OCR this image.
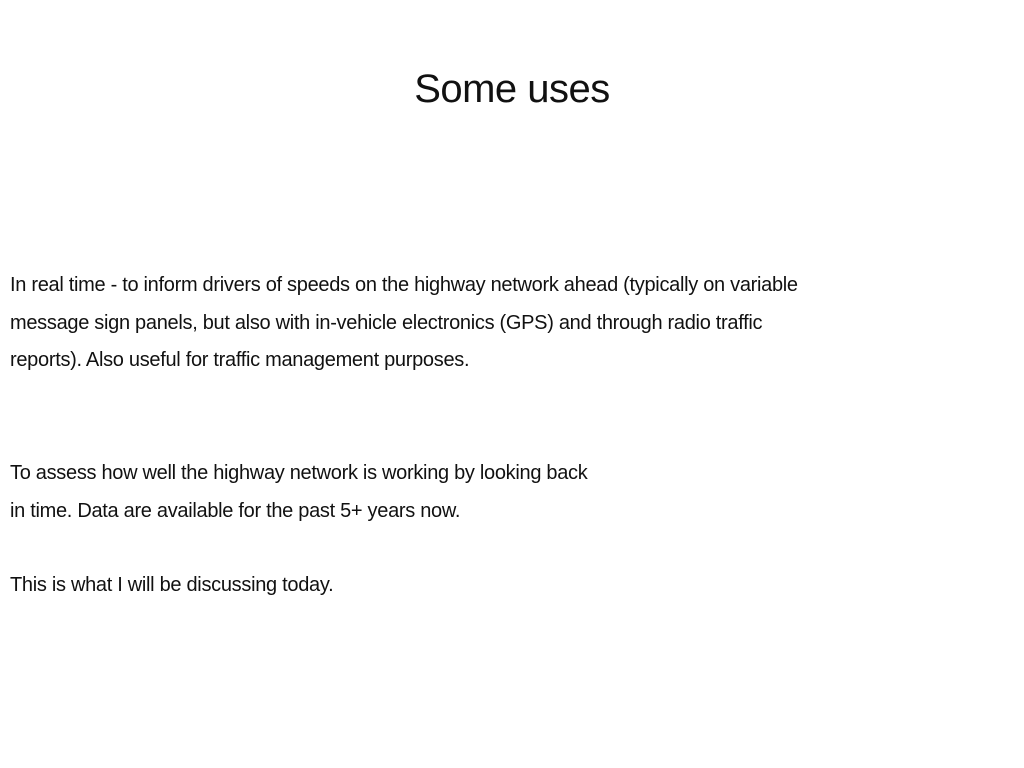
Some uses

In real time - to inform drivers of speeds on the highway network ahead (typically on variable
message sign panels, but also with in-vehicle electronics (GPS) and through radio traffic
reports). Also useful for traffic management purposes.

To assess how well the highway network is working by looking back
in time. Data are available for the past 5+ years now.

This is what I will be discussing today.
